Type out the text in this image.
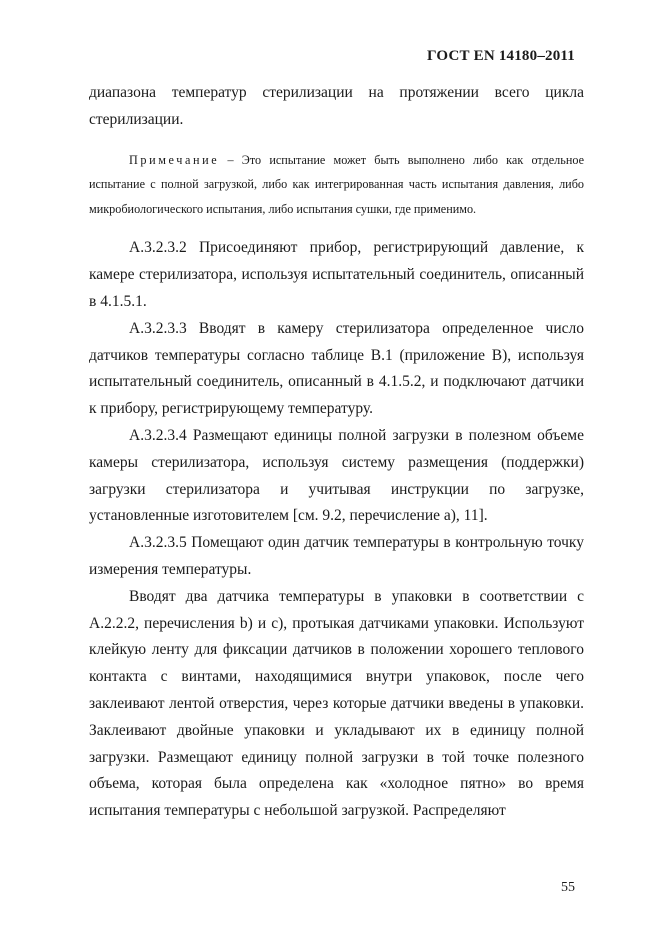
ГОСТ EN 14180–2011

диапазона температур стерилизации на протяжении всего цикла стерилизации.

Примечание – Это испытание может быть выполнено либо как отдельное испытание с полной загрузкой, либо как интегрированная часть испытания давления, либо микробиологического испытания, либо испытания сушки, где применимо.

А.3.2.3.2 Присоединяют прибор, регистрирующий давление, к камере стерилизатора, используя испытательный соединитель, описанный в 4.1.5.1.

А.3.2.3.3 Вводят в камеру стерилизатора определенное число датчиков температуры согласно таблице В.1 (приложение В), используя испытательный соединитель, описанный в 4.1.5.2, и подключают датчики к прибору, регистрирующему температуру.

А.3.2.3.4 Размещают единицы полной загрузки в полезном объеме камеры стерилизатора, используя систему размещения (поддержки) загрузки стерилизатора и учитывая инструкции по загрузке, установленные изготовителем [см. 9.2, перечисление а), 11].

А.3.2.3.5 Помещают один датчик температуры в контрольную точку измерения температуры.

Вводят два датчика температуры в упаковки в соответствии с А.2.2.2, перечисления b) и с), протыкая датчиками упаковки. Используют клейкую ленту для фиксации датчиков в положении хорошего теплового контакта с винтами, находящимися внутри упаковок, после чего заклеивают лентой отверстия, через которые датчики введены в упаковки. Заклеивают двойные упаковки и укладывают их в единицу полной загрузки. Размещают единицу полной загрузки в той точке полезного объема, которая была определена как «холодное пятно» во время испытания температуры с небольшой загрузкой. Распределяют

55
